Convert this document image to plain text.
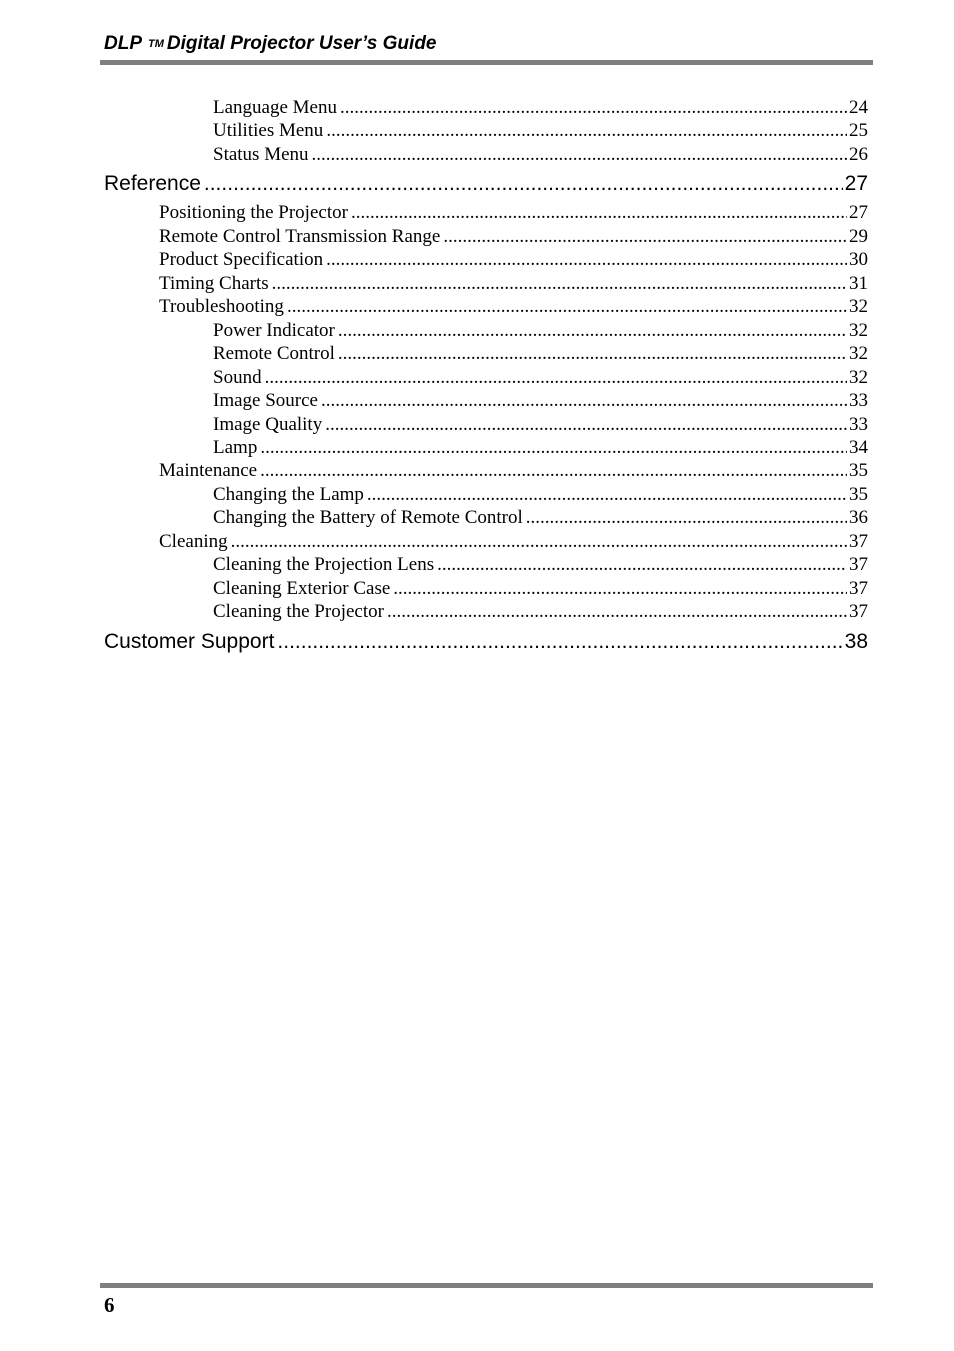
DLP TM Digital Projector User’s Guide
Language Menu .....	24
Utilities Menu .....	25
Status Menu .....	26
Reference .....	27
Positioning the Projector .....	27
Remote Control Transmission Range .....	29
Product Specification .....	30
Timing Charts .....	31
Troubleshooting .....	32
Power Indicator .....	32
Remote Control .....	32
Sound .....	32
Image Source .....	33
Image Quality .....	33
Lamp .....	34
Maintenance .....	35
Changing the Lamp .....	35
Changing the Battery of Remote Control .....	36
Cleaning .....	37
Cleaning the Projection Lens .....	37
Cleaning Exterior Case .....	37
Cleaning the Projector .....	37
Customer Support .....	38
6
